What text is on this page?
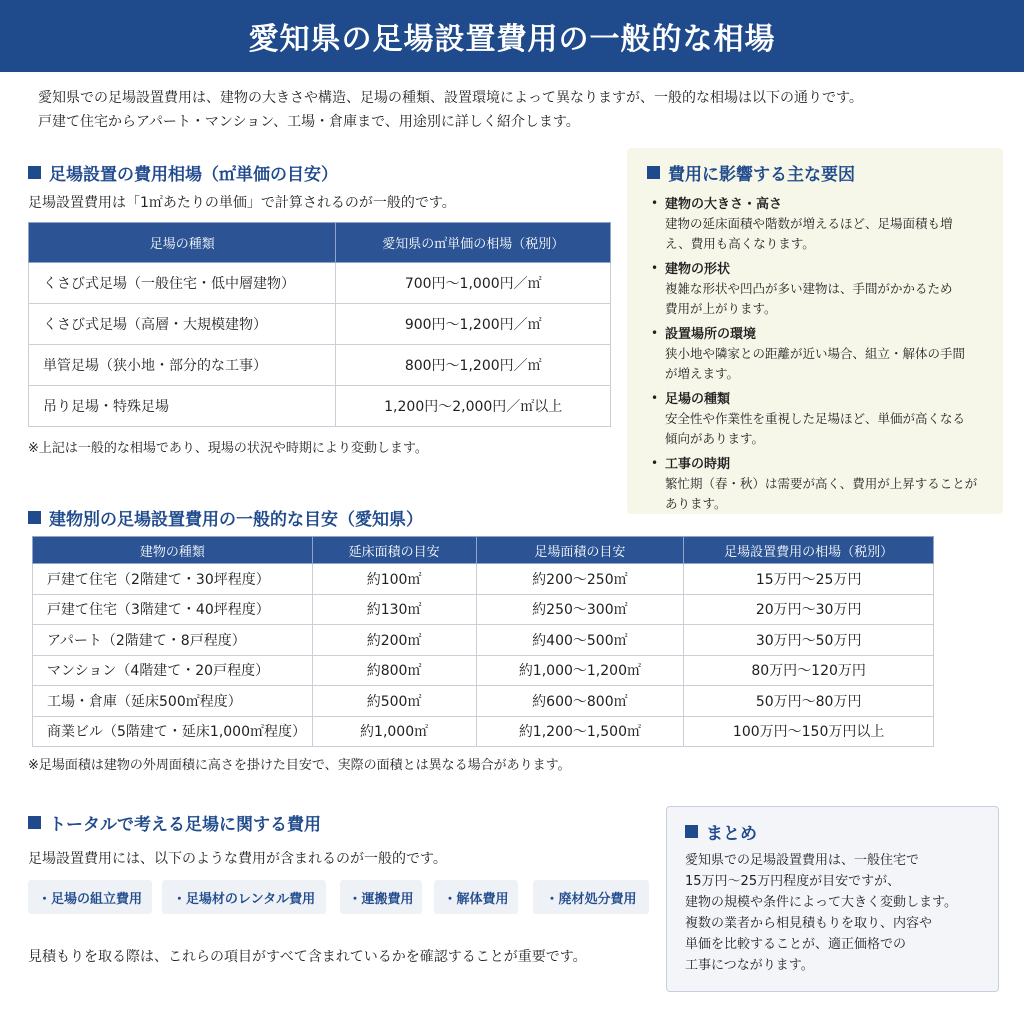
愛知県の足場設置費用の一般的な相場
愛知県での足場設置費用は、建物の大きさや構造、足場の種類、設置環境によって異なりますが、一般的な相場は以下の通りです。
戸建て住宅からアパート・マンション、工場・倉庫まで、用途別に詳しく紹介します。
足場設置の費用相場（㎡単価の目安）
足場設置費用は「1㎡あたりの単価」で計算されるのが一般的です。
足場の種類	愛知県の㎡単価の相場（税別）
くさび式足場（一般住宅・低中層建物）	700円～1,000円／㎡
くさび式足場（高層・大規模建物）	900円～1,200円／㎡
単管足場（狭小地・部分的な工事）	800円～1,200円／㎡
吊り足場・特殊足場	1,200円～2,000円／㎡以上
※上記は一般的な相場であり、現場の状況や時期により変動します。
費用に影響する主な要因
• 建物の大きさ・高さ
建物の延床面積や階数が増えるほど、足場面積も増
え、費用も高くなります。
• 建物の形状
複雑な形状や凹凸が多い建物は、手間がかかるため
費用が上がります。
• 設置場所の環境
狭小地や隣家との距離が近い場合、組立・解体の手間
が増えます。
• 足場の種類
安全性や作業性を重視した足場ほど、単価が高くなる
傾向があります。
• 工事の時期
繁忙期（春・秋）は需要が高く、費用が上昇することが
あります。
建物別の足場設置費用の一般的な目安（愛知県）
建物の種類	延床面積の目安	足場面積の目安	足場設置費用の相場（税別）
戸建て住宅（2階建て・30坪程度）	約100㎡	約200～250㎡	15万円～25万円
戸建て住宅（3階建て・40坪程度）	約130㎡	約250～300㎡	20万円～30万円
アパート（2階建て・8戸程度）	約200㎡	約400～500㎡	30万円～50万円
マンション（4階建て・20戸程度）	約800㎡	約1,000～1,200㎡	80万円～120万円
工場・倉庫（延床500㎡程度）	約500㎡	約600～800㎡	50万円～80万円
商業ビル（5階建て・延床1,000㎡程度）	約1,000㎡	約1,200～1,500㎡	100万円～150万円以上
※足場面積は建物の外周面積に高さを掛けた目安で、実際の面積とは異なる場合があります。
トータルで考える足場に関する費用
足場設置費用には、以下のような費用が含まれるのが一般的です。
・足場の組立費用	・足場材のレンタル費用	・運搬費用	・解体費用	・廃材処分費用
見積もりを取る際は、これらの項目がすべて含まれているかを確認することが重要です。
まとめ
愛知県での足場設置費用は、一般住宅で
15万円～25万円程度が目安ですが、
建物の規模や条件によって大きく変動します。
複数の業者から相見積もりを取り、内容や
単価を比較することが、適正価格での
工事につながります。
